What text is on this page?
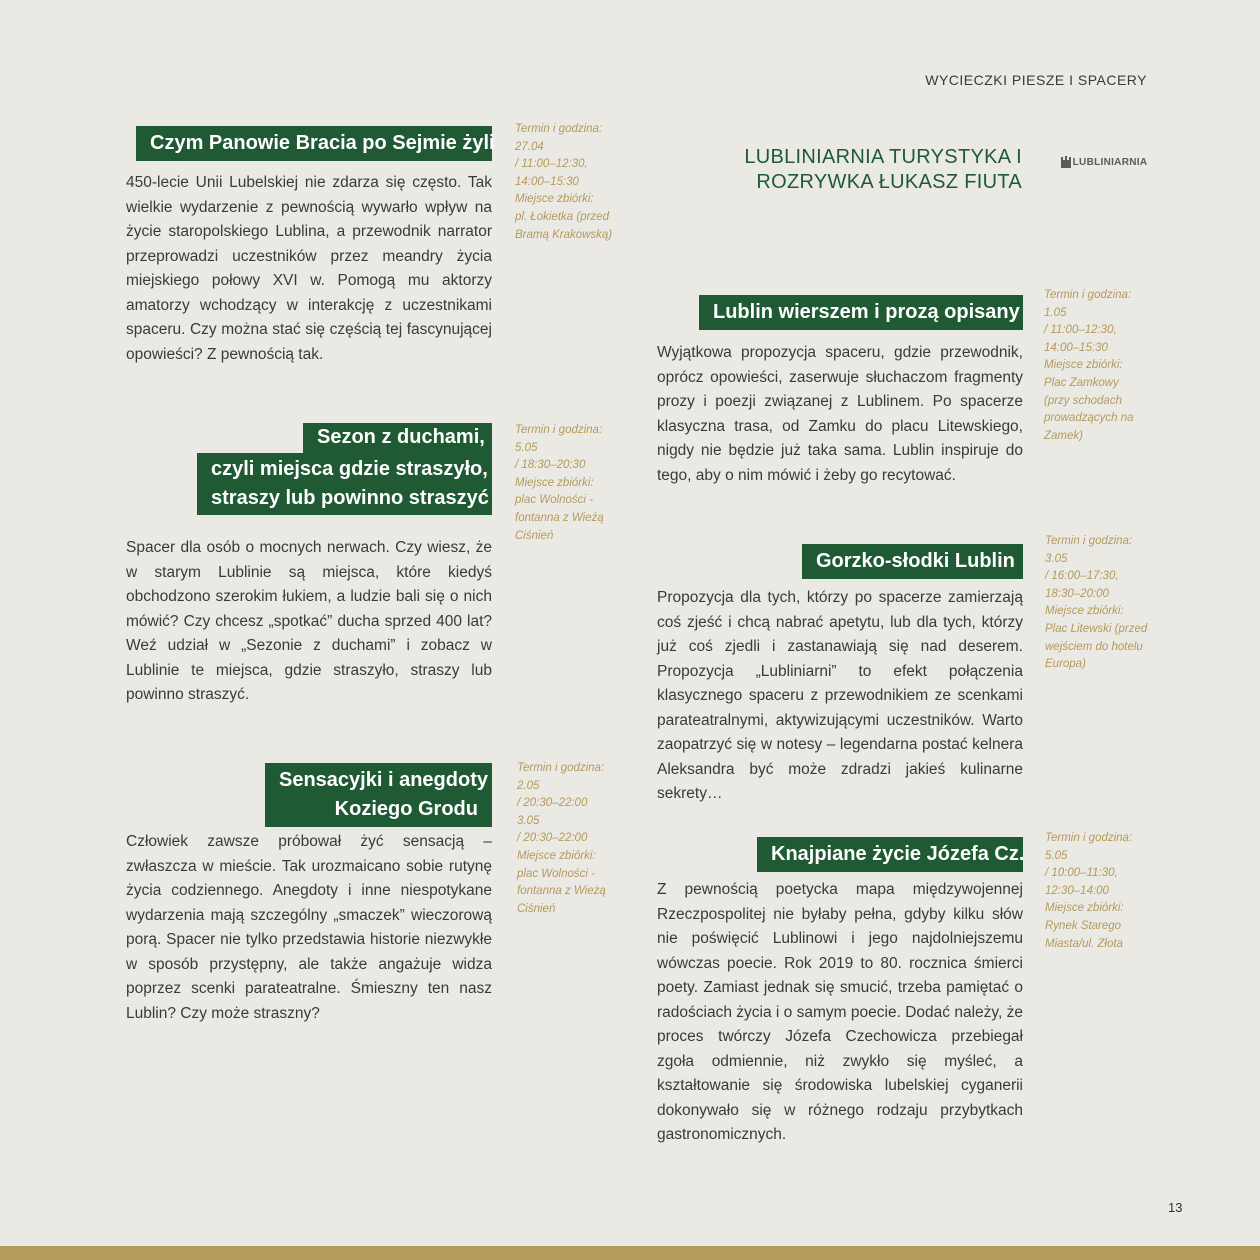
WYCIECZKI PIESZE I SPACERY
LUBLINIARNIA TURYSTYKA I ROZRYWKA ŁUKASZ FIUTA
LUBLINIARNIA
Czym Panowie Bracia po Sejmie żyli

450-lecie Unii Lubelskiej nie zdarza się często. Tak wielkie wydarzenie z pewnością wywarło wpływ na życie staropolskiego Lublina, a przewodnik narrator przeprowadzi uczestników przez meandry życia miejskiego połowy XVI w. Pomogą mu aktorzy amatorzy wchodzący w interakcję z uczestnikami spaceru. Czy można stać się częścią tej fascynującej opowieści? Z pewnością tak.

Termin i godzina:
27.04
/ 11:00–12:30,
14:00–15:30
Miejsce zbiórki:
pl. Łokietka (przed
Bramą Krakowską)
Sezon z duchami,
czyli miejsca gdzie straszyło,
straszy lub powinno straszyć

Spacer dla osób o mocnych nerwach. Czy wiesz, że w starym Lublinie są miejsca, które kiedyś obchodzono szerokim łukiem, a ludzie bali się o nich mówić? Czy chcesz „spotkać” ducha sprzed 400 lat? Weź udział w „Sezonie z duchami” i zobacz w Lublinie te miejsca, gdzie straszyło, straszy lub powinno straszyć.

Termin i godzina:
5.05
/ 18:30–20:30
Miejsce zbiórki:
plac Wolności -
fontanna z Wieżą
Ciśnień
Sensacyjki i anegdoty
Koziego Grodu

Człowiek zawsze próbował żyć sensacją – zwłaszcza w mieście. Tak urozmaicano sobie rutynę życia codziennego. Anegdoty i inne niespotykane wydarzenia mają szczególny „smaczek” wieczorową porą. Spacer nie tylko przedstawia historie niezwykłe w sposób przystępny, ale także angażuje widza poprzez scenki parateatralne. Śmieszny ten nasz Lublin? Czy może straszny?

Termin i godzina:
2.05
/ 20:30–22:00
3.05
/ 20:30–22:00
Miejsce zbiórki:
plac Wolności -
fontanna z Wieżą
Ciśnień
Lublin wierszem i prozą opisany

Wyjątkowa propozycja spaceru, gdzie przewodnik, oprócz opowieści, zaserwuje słuchaczom fragmenty prozy i poezji związanej z Lublinem. Po spacerze klasyczna trasa, od Zamku do placu Litewskiego, nigdy nie będzie już taka sama. Lublin inspiruje do tego, aby o nim mówić i żeby go recytować.

Termin i godzina:
1.05
/ 11:00–12:30,
14:00–15:30
Miejsce zbiórki:
Plac Zamkowy
(przy schodach
prowadzących na
Zamek)
Gorzko-słodki Lublin

Propozycja dla tych, którzy po spacerze zamierzają coś zjeść i chcą nabrać apetytu, lub dla tych, którzy już coś zjedli i zastanawiają się nad deserem. Propozycja „Lubliniarni” to efekt połączenia klasycznego spaceru z przewodnikiem ze scenkami parateatralnymi, aktywizującymi uczestników. Warto zaopatrzyć się w notesy – legendarna postać kelnera Aleksandra być może zdradzi jakieś kulinarne sekrety…

Termin i godzina:
3.05
/ 16:00–17:30,
18:30–20:00
Miejsce zbiórki:
Plac Litewski (przed
wejściem do hotelu
Europa)
Knajpiane życie Józefa Cz.

Z pewnością poetycka mapa międzywojennej Rzeczpospolitej nie byłaby pełna, gdyby kilku słów nie poświęcić Lublinowi i jego najdolniejszemu wówczas poecie. Rok 2019 to 80. rocznica śmierci poety. Zamiast jednak się smucić, trzeba pamiętać o radościach życia i o samym poecie. Dodać należy, że proces twórczy Józefa Czechowicza przebiegał zgoła odmiennie, niż zwykło się myśleć, a kształtowanie się środowiska lubelskiej cyganerii dokonywało się w różnego rodzaju przybytkach gastronomicznych.

Termin i godzina:
5.05
/ 10:00–11:30,
12:30–14:00
Miejsce zbiórki:
Rynek Starego
Miasta/ul. Złota
13
